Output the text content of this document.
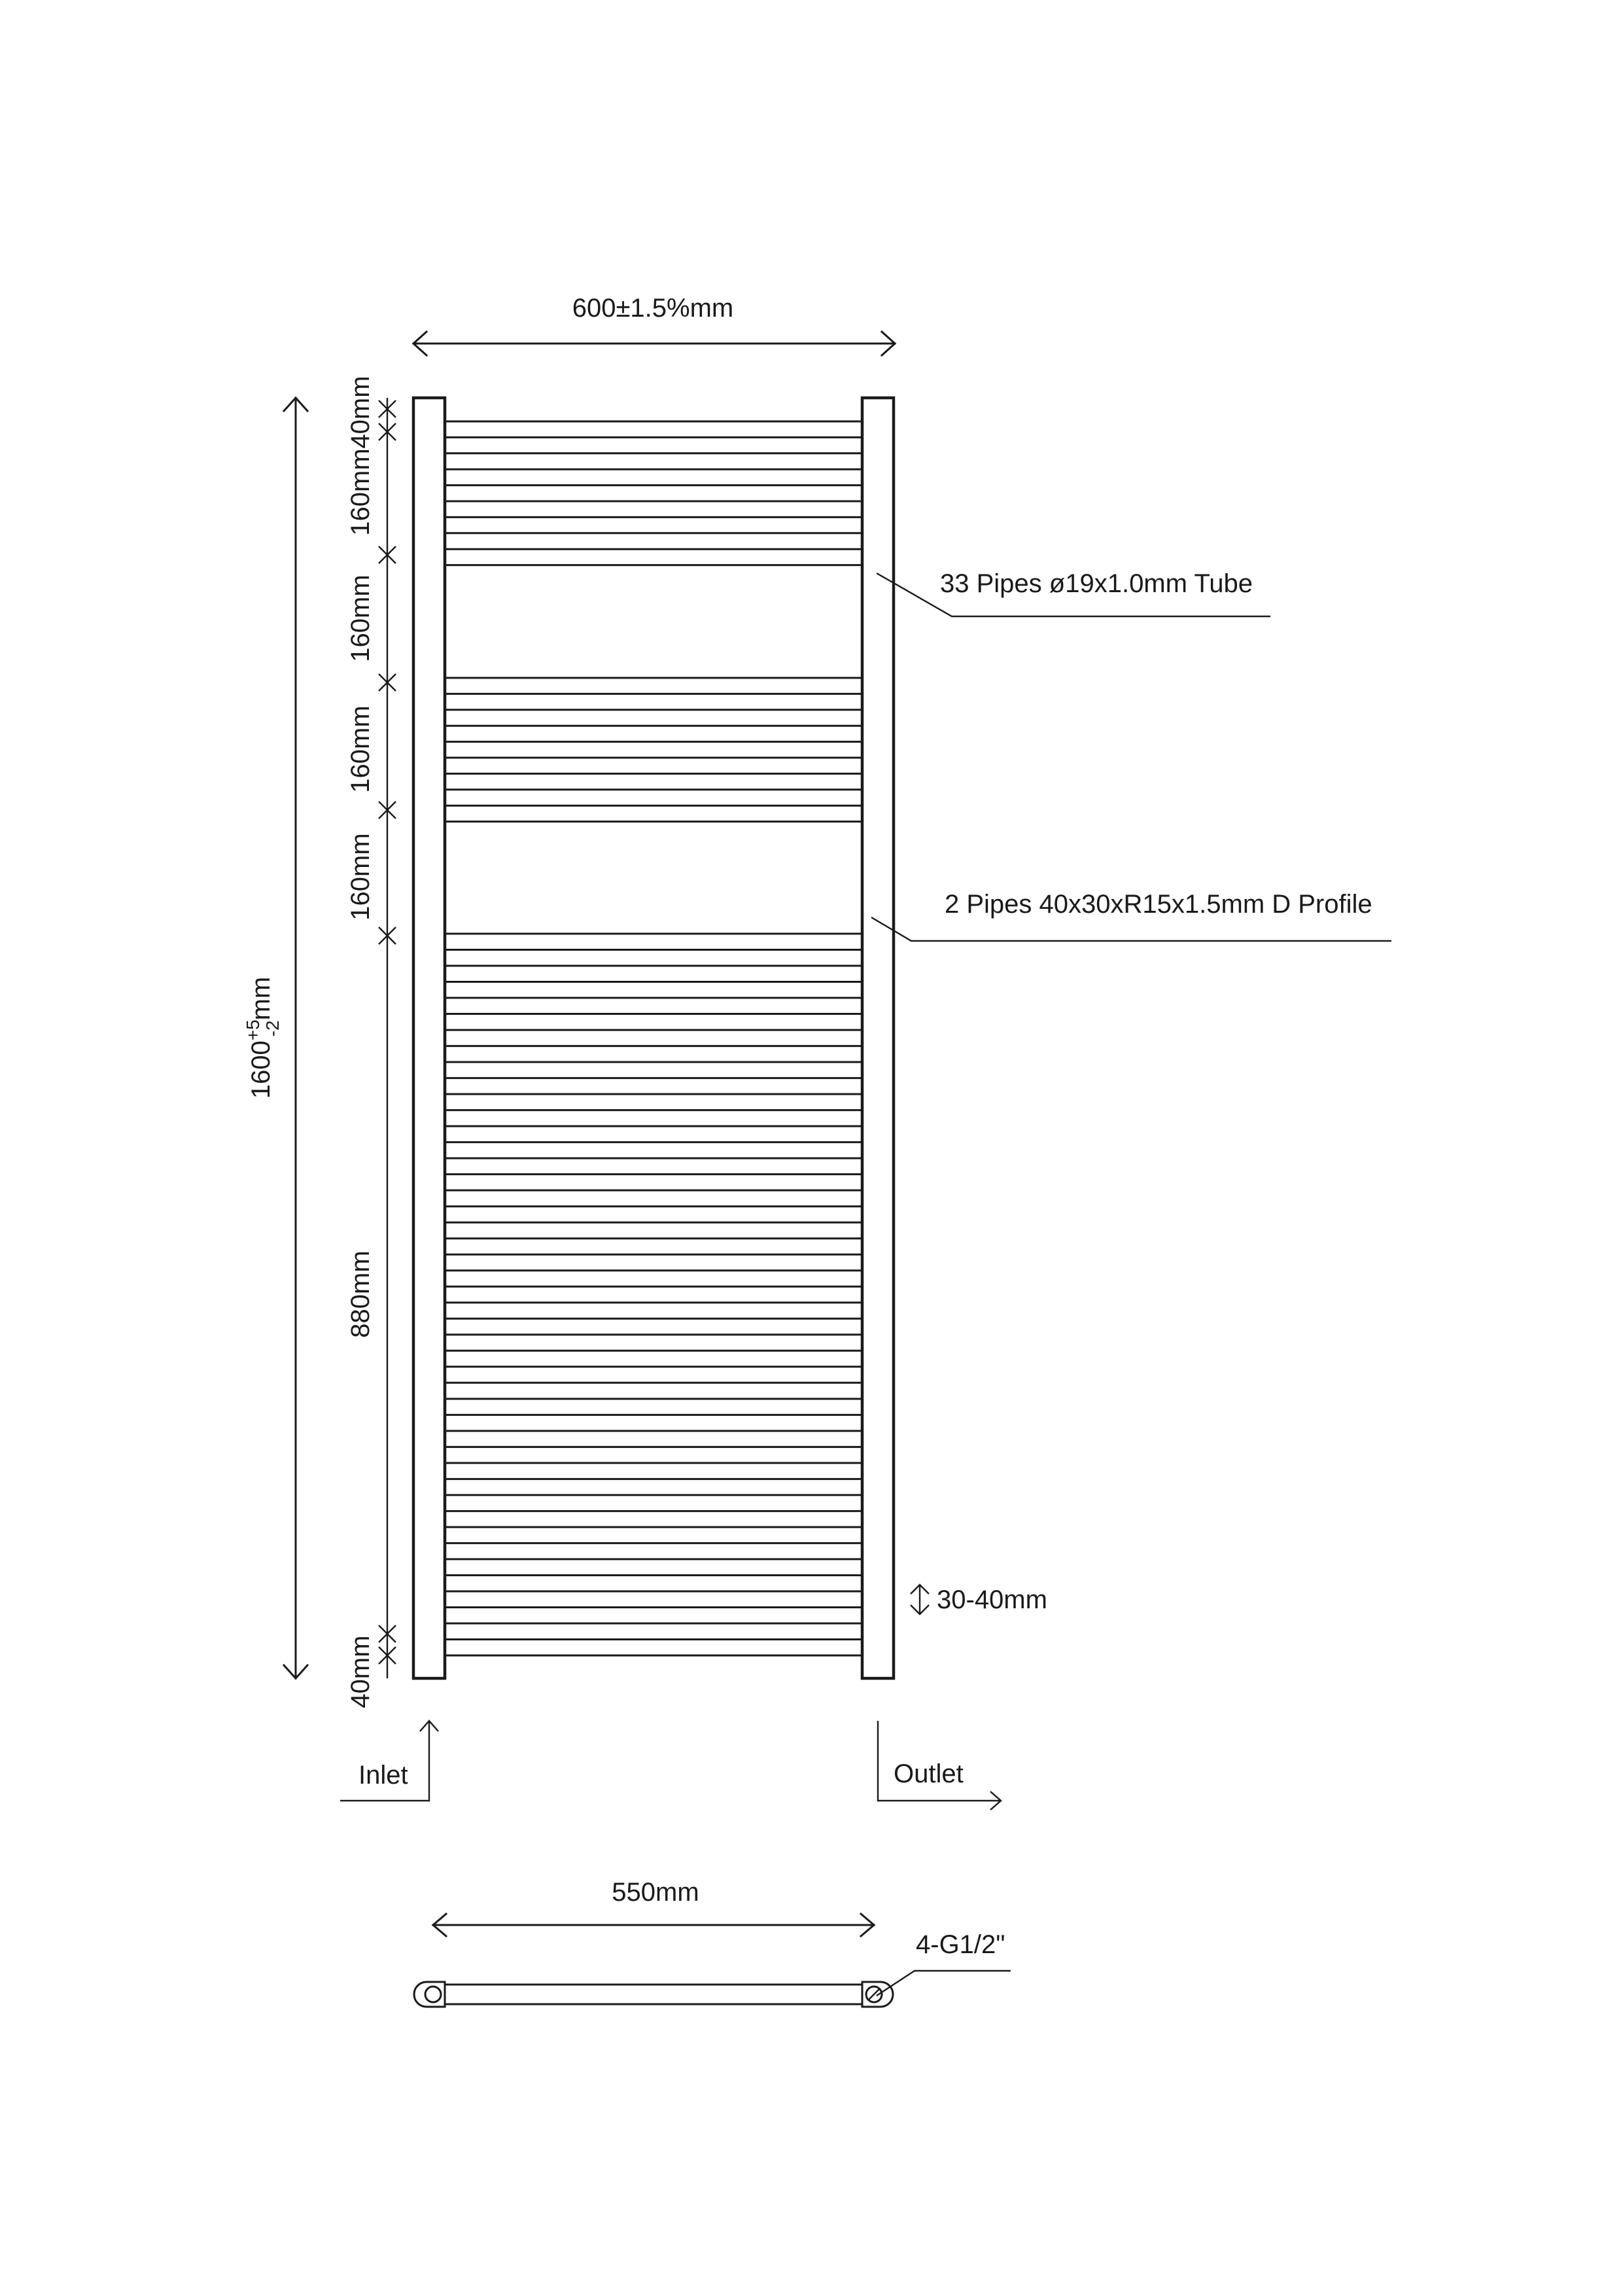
600±1.5%mm
$1600^{+5}-2mm$
40mm
160mm
160mm
160mm
160mm
880mm
40mm
33 Pipes ø19x1.0mm Tube
2 Pipes 40x30xR15x1.5mm D Profile
30-40mm
Inlet	Outlet
550mm
4-G1/2"
